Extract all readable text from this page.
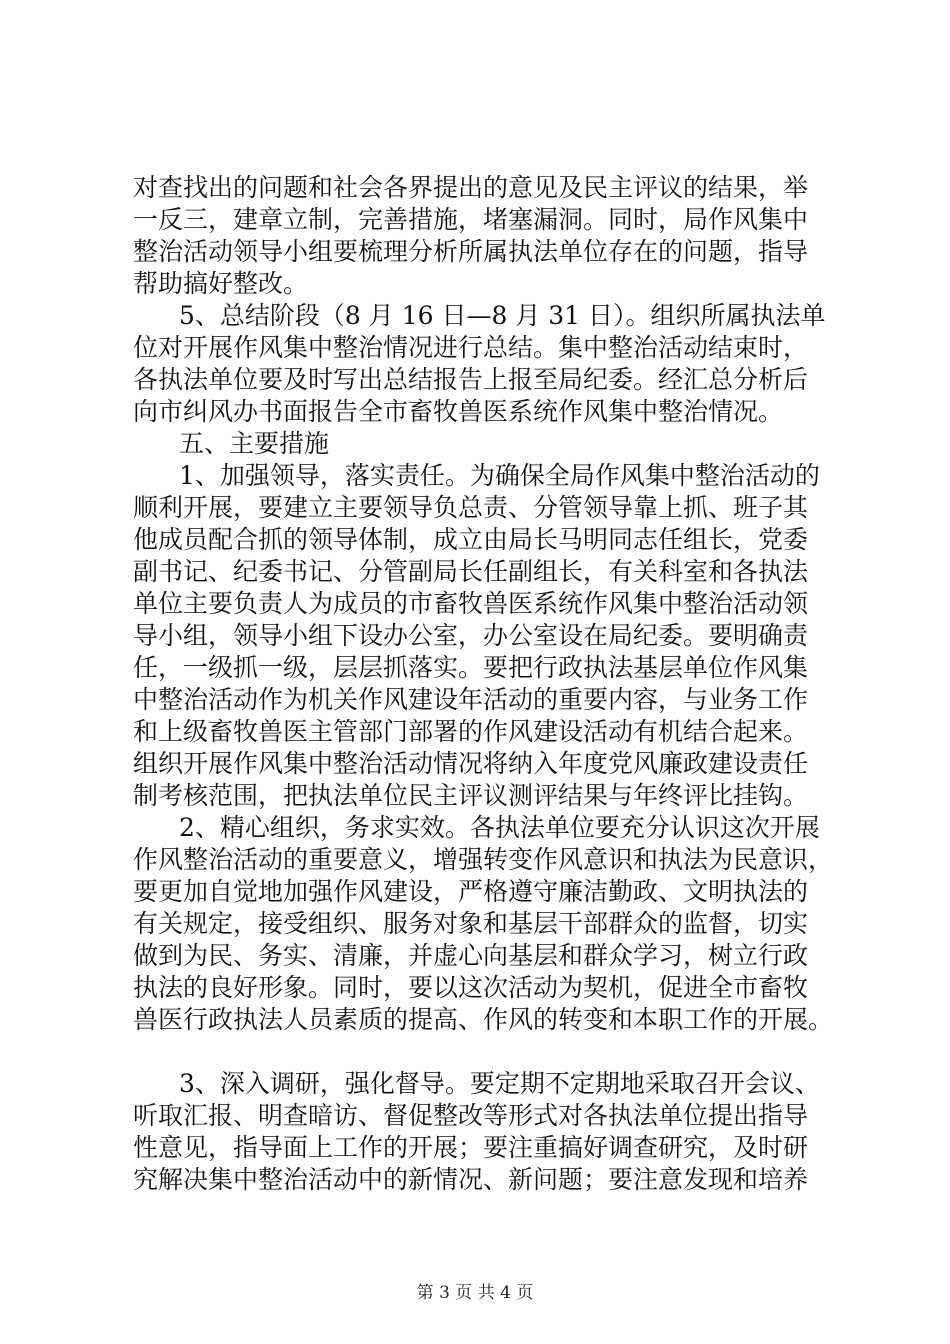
对查找出的问题和社会各界提出的意见及民主评议的结果，举
一反三，建章立制，完善措施，堵塞漏洞。同时，局作风集中
整治活动领导小组要梳理分析所属执法单位存在的问题，指导
帮助搞好整改。
5、总结阶段（8 月 16 日—8 月 31 日）。组织所属执法单
位对开展作风集中整治情况进行总结。集中整治活动结束时，
各执法单位要及时写出总结报告上报至局纪委。经汇总分析后
向市纠风办书面报告全市畜牧兽医系统作风集中整治情况。
五、主要措施
1、加强领导，落实责任。为确保全局作风集中整治活动的
顺利开展，要建立主要领导负总责、分管领导靠上抓、班子其
他成员配合抓的领导体制，成立由局长马明同志任组长，党委
副书记、纪委书记、分管副局长任副组长，有关科室和各执法
单位主要负责人为成员的市畜牧兽医系统作风集中整治活动领
导小组，领导小组下设办公室，办公室设在局纪委。要明确责
任，一级抓一级，层层抓落实。要把行政执法基层单位作风集
中整治活动作为机关作风建设年活动的重要内容，与业务工作
和上级畜牧兽医主管部门部署的作风建设活动有机结合起来。
组织开展作风集中整治活动情况将纳入年度党风廉政建设责任
制考核范围，把执法单位民主评议测评结果与年终评比挂钩。
2、精心组织，务求实效。各执法单位要充分认识这次开展
作风整治活动的重要意义，增强转变作风意识和执法为民意识，
要更加自觉地加强作风建设，严格遵守廉洁勤政、文明执法的
有关规定，接受组织、服务对象和基层干部群众的监督，切实
做到为民、务实、清廉，并虚心向基层和群众学习，树立行政
执法的良好形象。同时，要以这次活动为契机，促进全市畜牧
兽医行政执法人员素质的提高、作风的转变和本职工作的开展。
3、深入调研，强化督导。要定期不定期地采取召开会议、
听取汇报、明查暗访、督促整改等形式对各执法单位提出指导
性意见，指导面上工作的开展；要注重搞好调查研究，及时研
究解决集中整治活动中的新情况、新问题；要注意发现和培养
第 3 页 共 4 页
